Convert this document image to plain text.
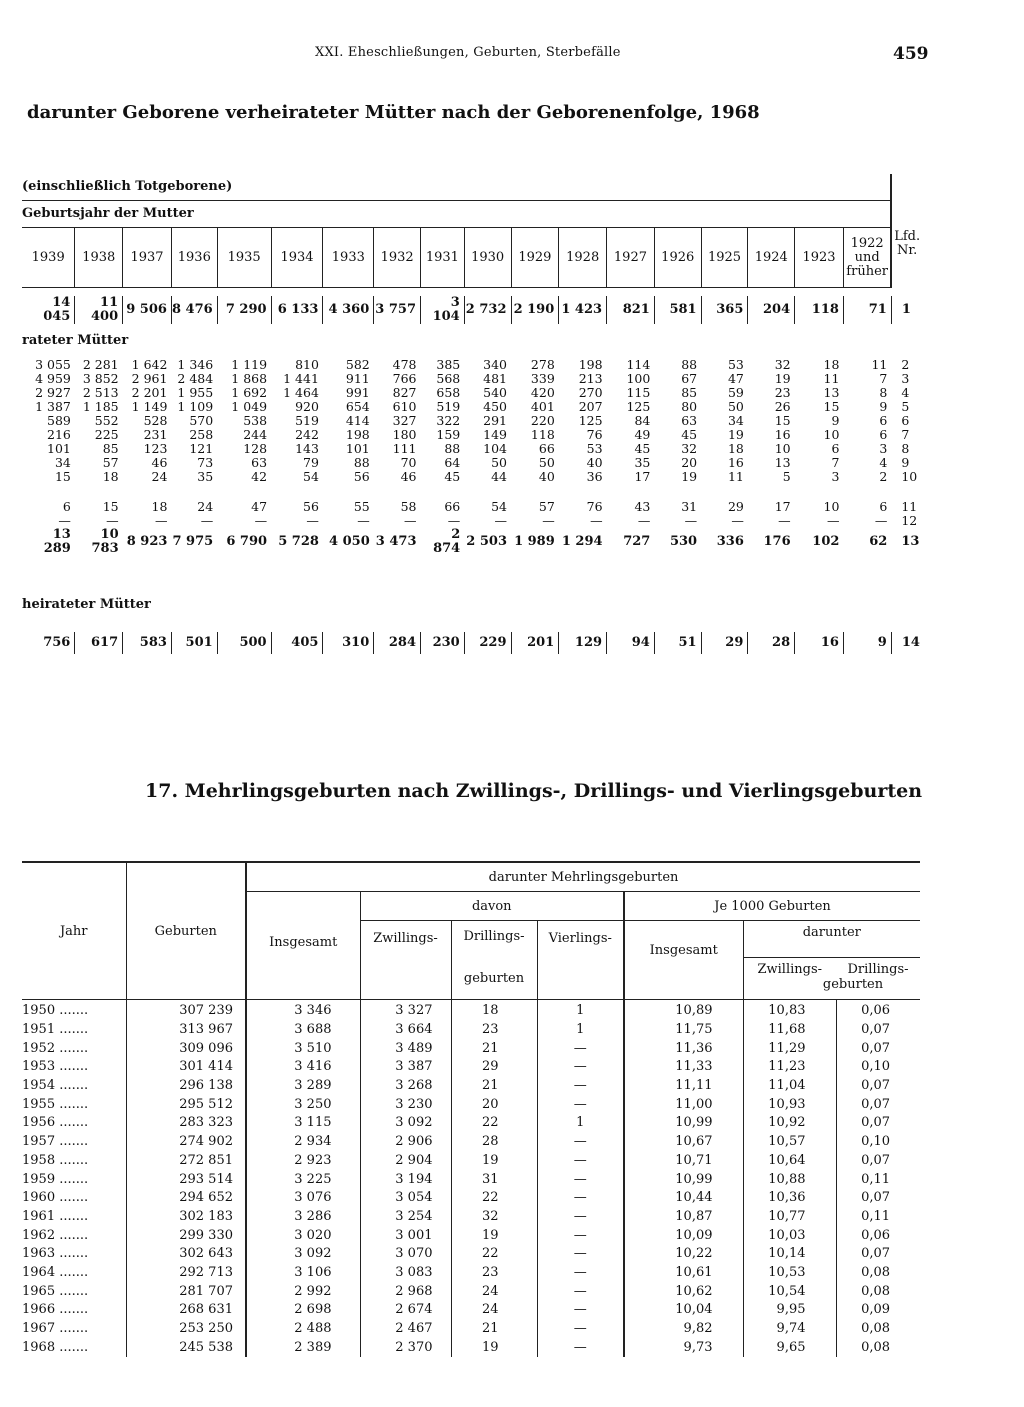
XXI. Eheschließungen, Geburten, Sterbefälle	459
darunter Geborene verheirateter Mütter nach der Geborenenfolge, 1968
(einschließlich Totgeborene)																		
Geburtsjahr der Mutter																		
1939	1938	1937	1936	1935	1934	1933	1932	1931	1930	1929	1928	1927	1926	1925	1924	1923	1922 und früher	Lfd. Nr.

14 045	11 400	9 506	8 476	7 290	6 133	4 360	3 757	3 104	2 732	2 190	1 423	821	581	365	204	118	71	1
rateter Mütter																		
3 055	2 281	1 642	1 346	1 119	810	582	478	385	340	278	198	114	88	53	32	18	11	2
4 959	3 852	2 961	2 484	1 868	1 441	911	766	568	481	339	213	100	67	47	19	11	7	3
2 927	2 513	2 201	1 955	1 692	1 464	991	827	658	540	420	270	115	85	59	23	13	8	4
1 387	1 185	1 149	1 109	1 049	920	654	610	519	450	401	207	125	80	50	26	15	9	5
589	552	528	570	538	519	414	327	322	291	220	125	84	63	34	15	9	6	6
216	225	231	258	244	242	198	180	159	149	118	76	49	45	19	16	10	6	7
101	85	123	121	128	143	101	111	88	104	66	53	45	32	18	10	6	3	8
34	57	46	73	63	79	88	70	64	50	50	40	35	20	16	13	7	4	9
15	18	24	35	42	54	56	46	45	44	40	36	17	19	11	5	3	2	10

6	15	18	24	47	56	55	58	66	54	57	76	43	31	29	17	10	6	11
—	—	—	—	—	—	—	—	—	—	—	—	—	—	—	—	—	—	12
13 289	10 783	8 923	7 975	6 790	5 728	4 050	3 473	2 874	2 503	1 989	1 294	727	530	336	176	102	62	13

heirateter Mütter																		

756	617	583	501	500	405	310	284	230	229	201	129	94	51	29	28	16	9	14
17. Mehrlingsgeburten nach Zwillings-, Drillings- und Vierlingsgeburten
Jahr	Geburten	darunter Mehrlingsgeburten						
		Insgesamt	davon			Je 1000 Geburten		
			Zwillings-	Drillings-	Vierlings-	Insgesamt	darunter	
				geburten			Zwillings-	Drillings-
geburten
1950 .......	307 239	3 346	3 327	18	1	10,89	10,83	0,06
1951 .......	313 967	3 688	3 664	23	1	11,75	11,68	0,07
1952 .......	309 096	3 510	3 489	21	—	11,36	11,29	0,07
1953 .......	301 414	3 416	3 387	29	—	11,33	11,23	0,10
1954 .......	296 138	3 289	3 268	21	—	11,11	11,04	0,07
1955 .......	295 512	3 250	3 230	20	—	11,00	10,93	0,07
1956 .......	283 323	3 115	3 092	22	1	10,99	10,92	0,07
1957 .......	274 902	2 934	2 906	28	—	10,67	10,57	0,10
1958 .......	272 851	2 923	2 904	19	—	10,71	10,64	0,07
1959 .......	293 514	3 225	3 194	31	—	10,99	10,88	0,11
1960 .......	294 652	3 076	3 054	22	—	10,44	10,36	0,07
1961 .......	302 183	3 286	3 254	32	—	10,87	10,77	0,11
1962 .......	299 330	3 020	3 001	19	—	10,09	10,03	0,06
1963 .......	302 643	3 092	3 070	22	—	10,22	10,14	0,07
1964 .......	292 713	3 106	3 083	23	—	10,61	10,53	0,08
1965 .......	281 707	2 992	2 968	24	—	10,62	10,54	0,08
1966 .......	268 631	2 698	2 674	24	—	10,04	9,95	0,09
1967 .......	253 250	2 488	2 467	21	—	9,82	9,74	0,08
1968 .......	245 538	2 389	2 370	19	—	9,73	9,65	0,08
